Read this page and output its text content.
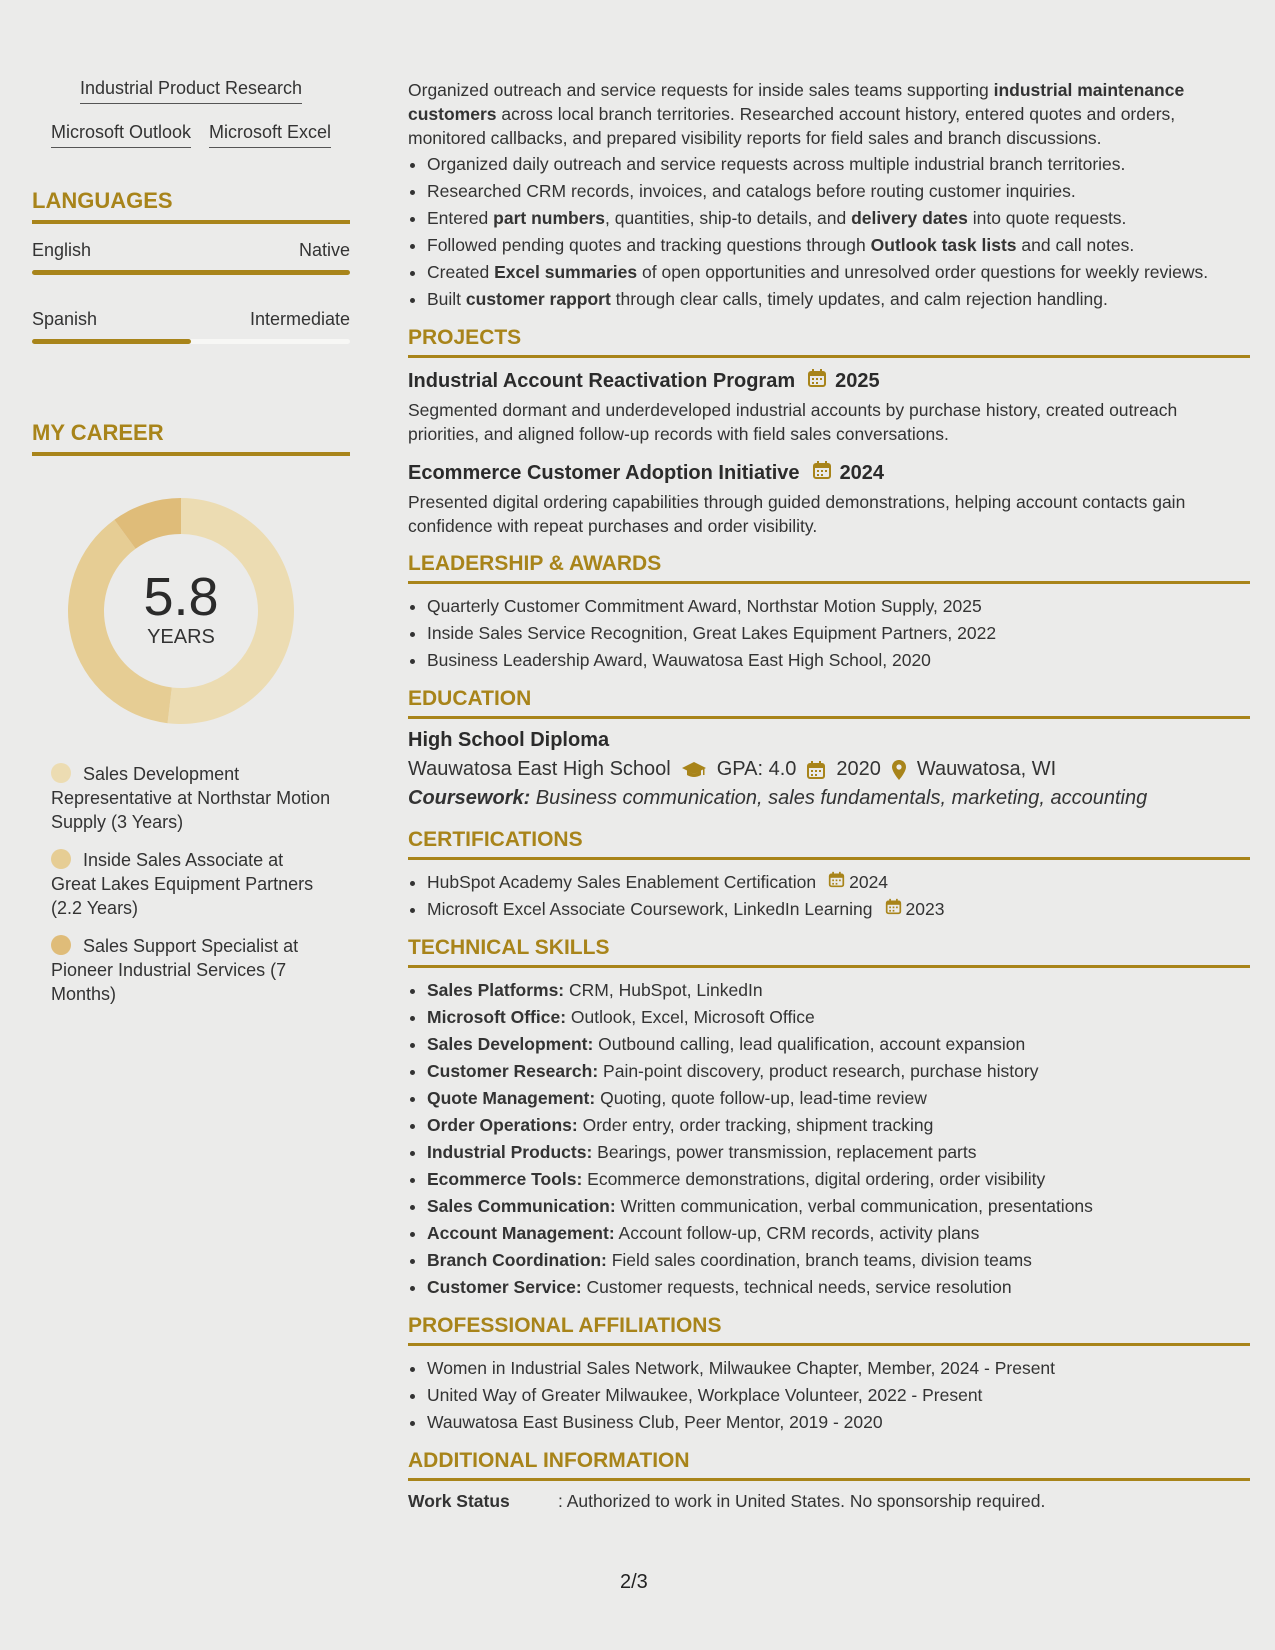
Industrial Product Research
Microsoft Outlook Microsoft Excel
LANGUAGES
English	Native
Spanish	Intermediate
MY CAREER
5.8
YEARS
Sales Development Representative at Northstar Motion Supply (3 Years)
Inside Sales Associate at Great Lakes Equipment Partners (2.2 Years)
Sales Support Specialist at Pioneer Industrial Services (7 Months)

Organized outreach and service requests for inside sales teams supporting industrial maintenance customers across local branch territories. Researched account history, entered quotes and orders, monitored callbacks, and prepared visibility reports for field sales and branch discussions.

• Organized daily outreach and service requests across multiple industrial branch territories.
• Researched CRM records, invoices, and catalogs before routing customer inquiries.
• Entered part numbers, quantities, ship-to details, and delivery dates into quote requests.
• Followed pending quotes and tracking questions through Outlook task lists and call notes.
• Created Excel summaries of open opportunities and unresolved order questions for weekly reviews.
• Built customer rapport through clear calls, timely updates, and calm rejection handling.
PROJECTS
Industrial Account Reactivation Program 2025

Segmented dormant and underdeveloped industrial accounts by purchase history, created outreach priorities, and aligned follow-up records with field sales conversations.

Ecommerce Customer Adoption Initiative 2024

Presented digital ordering capabilities through guided demonstrations, helping account contacts gain confidence with repeat purchases and order visibility.

LEADERSHIP & AWARDS
• Quarterly Customer Commitment Award, Northstar Motion Supply, 2025
• Inside Sales Service Recognition, Great Lakes Equipment Partners, 2022
• Business Leadership Award, Wauwatosa East High School, 2020
EDUCATION
High School Diploma
Wauwatosa East High School GPA: 4.0 2020 Wauwatosa, WI
Coursework: Business communication, sales fundamentals, marketing, accounting
CERTIFICATIONS
• HubSpot Academy Sales Enablement Certification 2024
• Microsoft Excel Associate Coursework, LinkedIn Learning 2023
TECHNICAL SKILLS
• Sales Platforms: CRM, HubSpot, LinkedIn
• Microsoft Office: Outlook, Excel, Microsoft Office
• Sales Development: Outbound calling, lead qualification, account expansion
• Customer Research: Pain-point discovery, product research, purchase history
• Quote Management: Quoting, quote follow-up, lead-time review
• Order Operations: Order entry, order tracking, shipment tracking
• Industrial Products: Bearings, power transmission, replacement parts
• Ecommerce Tools: Ecommerce demonstrations, digital ordering, order visibility
• Sales Communication: Written communication, verbal communication, presentations
• Account Management: Account follow-up, CRM records, activity plans
• Branch Coordination: Field sales coordination, branch teams, division teams
• Customer Service: Customer requests, technical needs, service resolution
PROFESSIONAL AFFILIATIONS
• Women in Industrial Sales Network, Milwaukee Chapter, Member, 2024 - Present
• United Way of Greater Milwaukee, Workplace Volunteer, 2022 - Present
• Wauwatosa East Business Club, Peer Mentor, 2019 - 2020
ADDITIONAL INFORMATION
Work Status	: Authorized to work in United States. No sponsorship required.
2/3
